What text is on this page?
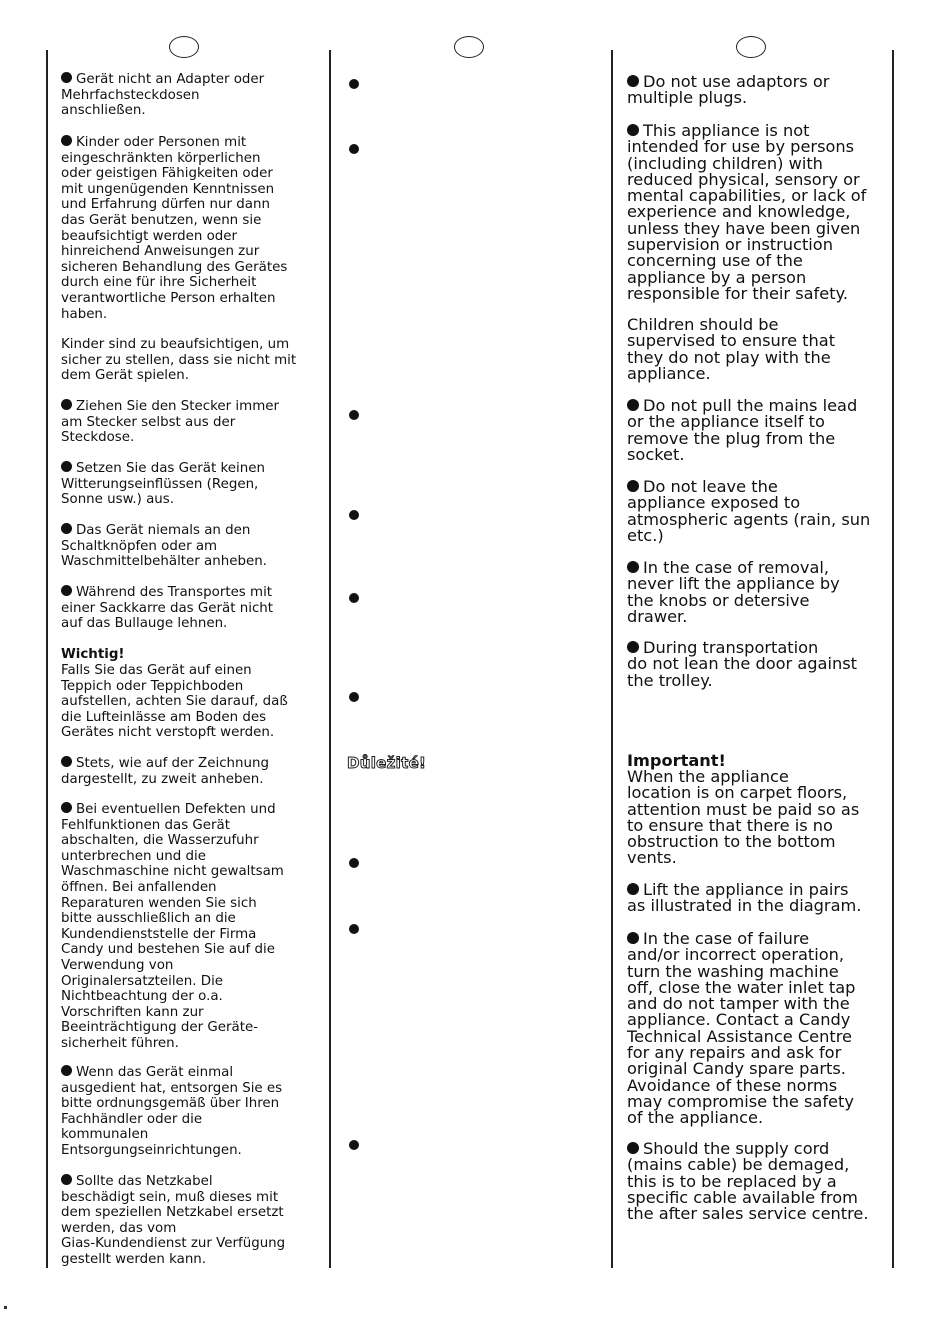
Gerät nicht an Adapter oder
Mehrfachsteckdosen
anschließen.

Kinder oder Personen mit
eingeschränkten körperlichen
oder geistigen Fähigkeiten oder
mit ungenügenden Kenntnissen
und Erfahrung dürfen nur dann
das Gerät benutzen, wenn sie
beaufsichtigt werden oder
hinreichend Anweisungen zur
sicheren Behandlung des Gerätes
durch eine für ihre Sicherheit
verantwortliche Person erhalten
haben.

Kinder sind zu beaufsichtigen, um
sicher zu stellen, dass sie nicht mit
dem Gerät spielen.

Ziehen Sie den Stecker immer
am Stecker selbst aus der
Steckdose.

Setzen Sie das Gerät keinen
Witterungseinflüssen (Regen,
Sonne usw.) aus.

Das Gerät niemals an den
Schaltknöpfen oder am
Waschmittelbehälter anheben.

Während des Transportes mit
einer Sackkarre das Gerät nicht
auf das Bullauge lehnen.

Wichtig!

Falls Sie das Gerät auf einen
Teppich oder Teppichboden
aufstellen, achten Sie darauf, daß
die Lufteinlässe am Boden des
Gerätes nicht verstopft werden.

Stets, wie auf der Zeichnung
dargestellt, zu zweit anheben.

Bei eventuellen Defekten und
Fehlfunktionen das Gerät
abschalten, die Wasserzufuhr
unterbrechen und die
Waschmaschine nicht gewaltsam
öffnen. Bei anfallenden
Reparaturen wenden Sie sich
bitte ausschließlich an die
Kundendienststelle der Firma
Candy und bestehen Sie auf die
Verwendung von
Originalersatzteilen. Die
Nichtbeachtung der o.a.
Vorschriften kann zur
Beeinträchtigung der Geräte-
sicherheit führen.

Wenn das Gerät einmal
ausgedient hat, entsorgen Sie es
bitte ordnungsgemäß über Ihren
Fachhändler oder die
kommunalen
Entsorgungseinrichtungen.

Sollte das Netzkabel
beschädigt sein, muß dieses mit
dem speziellen Netzkabel ersetzt
werden, das vom
Gias-Kundendienst zur Verfügung
gestellt werden kann.

Důležité!

Do not use adaptors or
multiple plugs.

This appliance is not
intended for use by persons
(including children) with
reduced physical, sensory or
mental capabilities, or lack of
experience and knowledge,
unless they have been given
supervision or instruction
concerning use of the
appliance by a person
responsible for their safety.

Children should be
supervised to ensure that
they do not play with the
appliance.

Do not pull the mains lead
or the appliance itself to
remove the plug from the
socket.

Do not leave the
appliance exposed to
atmospheric agents (rain, sun
etc.)

In the case of removal,
never lift the appliance by
the knobs or detersive
drawer.

During transportation
do not lean the door against
the trolley.

Important!

When the appliance
location is on carpet floors,
attention must be paid so as
to ensure that there is no
obstruction to the bottom
vents.

Lift the appliance in pairs
as illustrated in the diagram.

In the case of failure
and/or incorrect operation,
turn the washing machine
off, close the water inlet tap
and do not tamper with the
appliance. Contact a Candy
Technical Assistance Centre
for any repairs and ask for
original Candy spare parts.
Avoidance of these norms
may compromise the safety
of the appliance.

Should the supply cord
(mains cable) be demaged,
this is to be replaced by a
specific cable available from
the after sales service centre.
